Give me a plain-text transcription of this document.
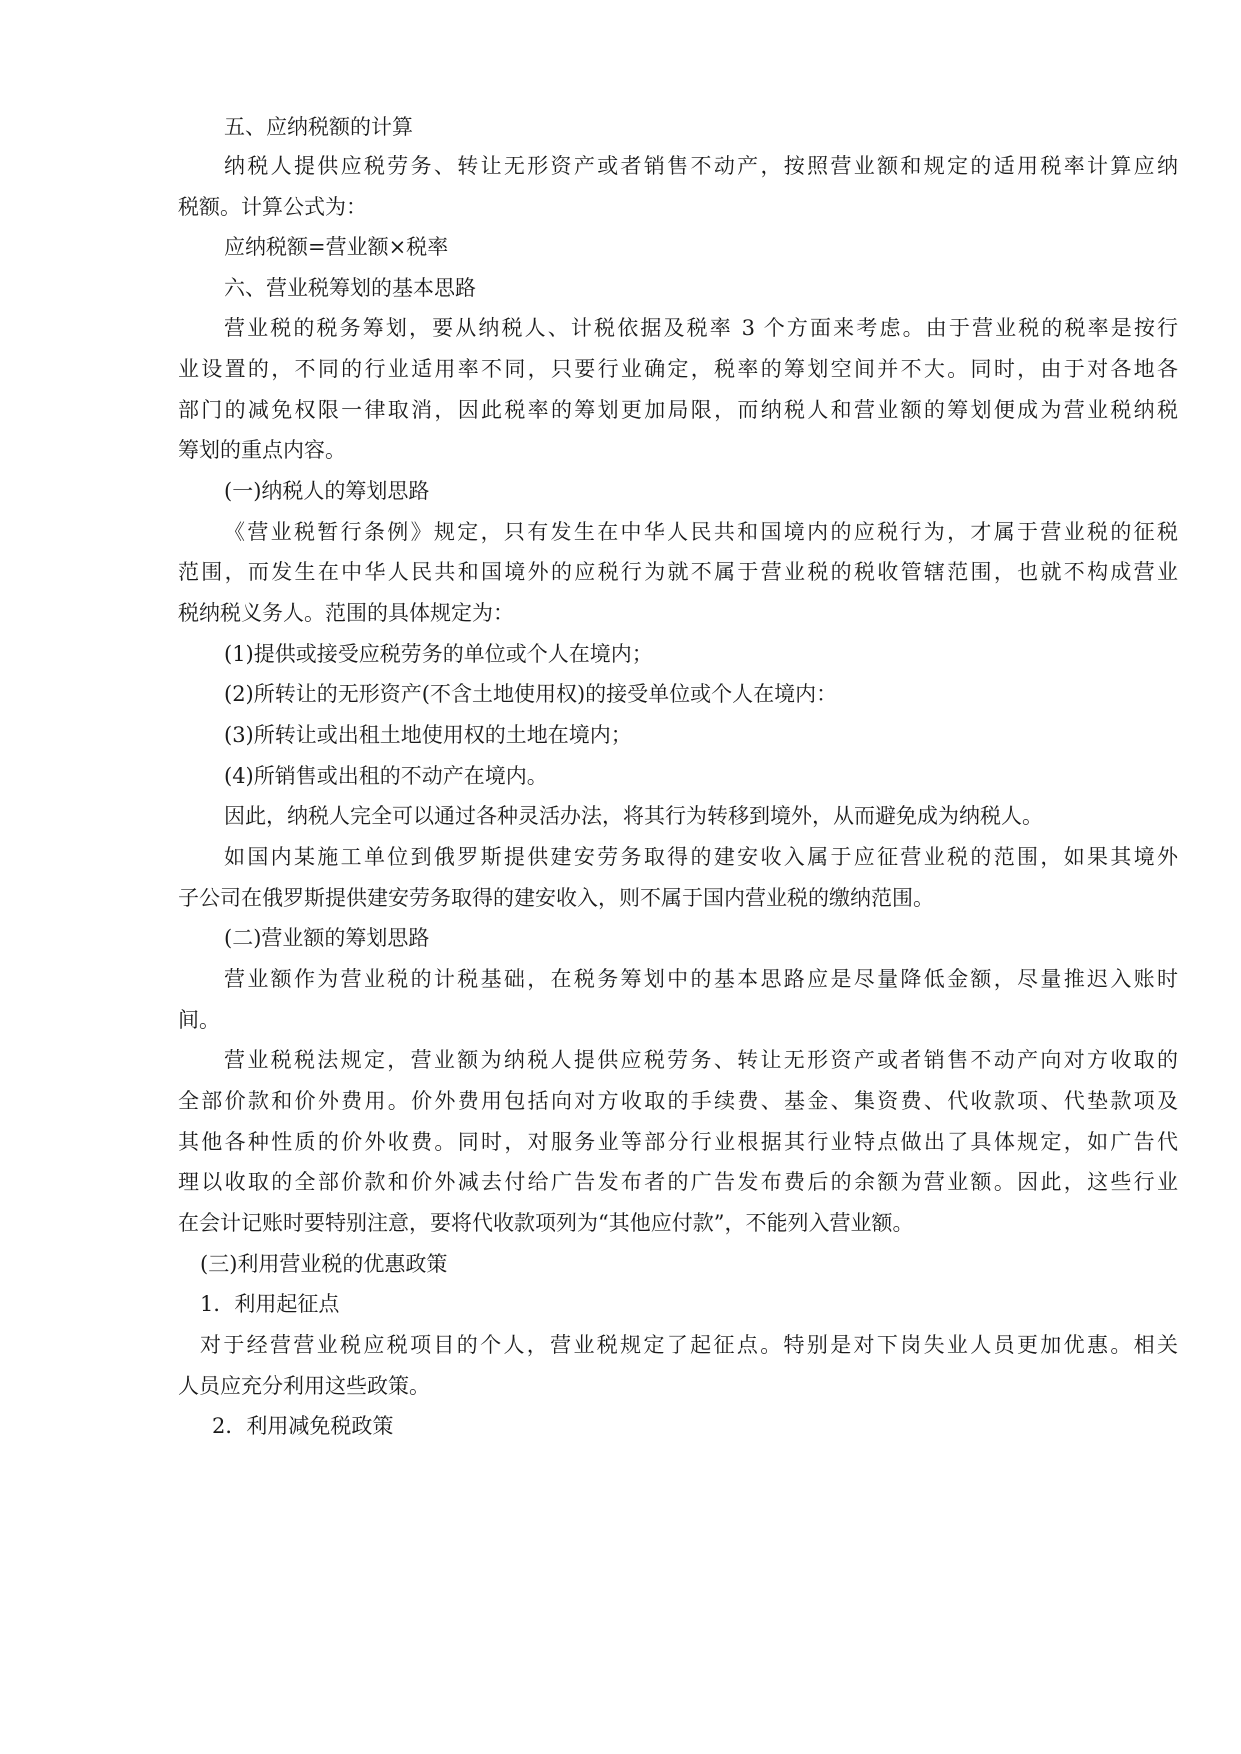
五、应纳税额的计算
纳税人提供应税劳务、转让无形资产或者销售不动产，按照营业额和规定的适用税率计算应纳
税额。计算公式为：
应纳税额=营业额×税率
六、营业税筹划的基本思路
营业税的税务筹划，要从纳税人、计税依据及税率 3 个方面来考虑。由于营业税的税率是按行
业设置的，不同的行业适用率不同，只要行业确定，税率的筹划空间并不大。同时，由于对各地各
部门的减免权限一律取消，因此税率的筹划更加局限，而纳税人和营业额的筹划便成为营业税纳税
筹划的重点内容。
(一)纳税人的筹划思路
《营业税暂行条例》规定，只有发生在中华人民共和国境内的应税行为，才属于营业税的征税
范围，而发生在中华人民共和国境外的应税行为就不属于营业税的税收管辖范围，也就不构成营业
税纳税义务人。范围的具体规定为：
(1)提供或接受应税劳务的单位或个人在境内；
(2)所转让的无形资产(不含土地使用权)的接受单位或个人在境内：
(3)所转让或出租土地使用权的土地在境内；
(4)所销售或出租的不动产在境内。
因此，纳税人完全可以通过各种灵活办法，将其行为转移到境外，从而避免成为纳税人。
如国内某施工单位到俄罗斯提供建安劳务取得的建安收入属于应征营业税的范围，如果其境外
子公司在俄罗斯提供建安劳务取得的建安收入，则不属于国内营业税的缴纳范围。
(二)营业额的筹划思路
营业额作为营业税的计税基础，在税务筹划中的基本思路应是尽量降低金额，尽量推迟入账时
间。
营业税税法规定，营业额为纳税人提供应税劳务、转让无形资产或者销售不动产向对方收取的
全部价款和价外费用。价外费用包括向对方收取的手续费、基金、集资费、代收款项、代垫款项及
其他各种性质的价外收费。同时，对服务业等部分行业根据其行业特点做出了具体规定，如广告代
理以收取的全部价款和价外减去付给广告发布者的广告发布费后的余额为营业额。因此，这些行业
在会计记账时要特别注意，要将代收款项列为“其他应付款”，不能列入营业额。
(三)利用营业税的优惠政策
1．利用起征点
对于经营营业税应税项目的个人，营业税规定了起征点。特别是对下岗失业人员更加优惠。相关
人员应充分利用这些政策。
2．利用减免税政策
